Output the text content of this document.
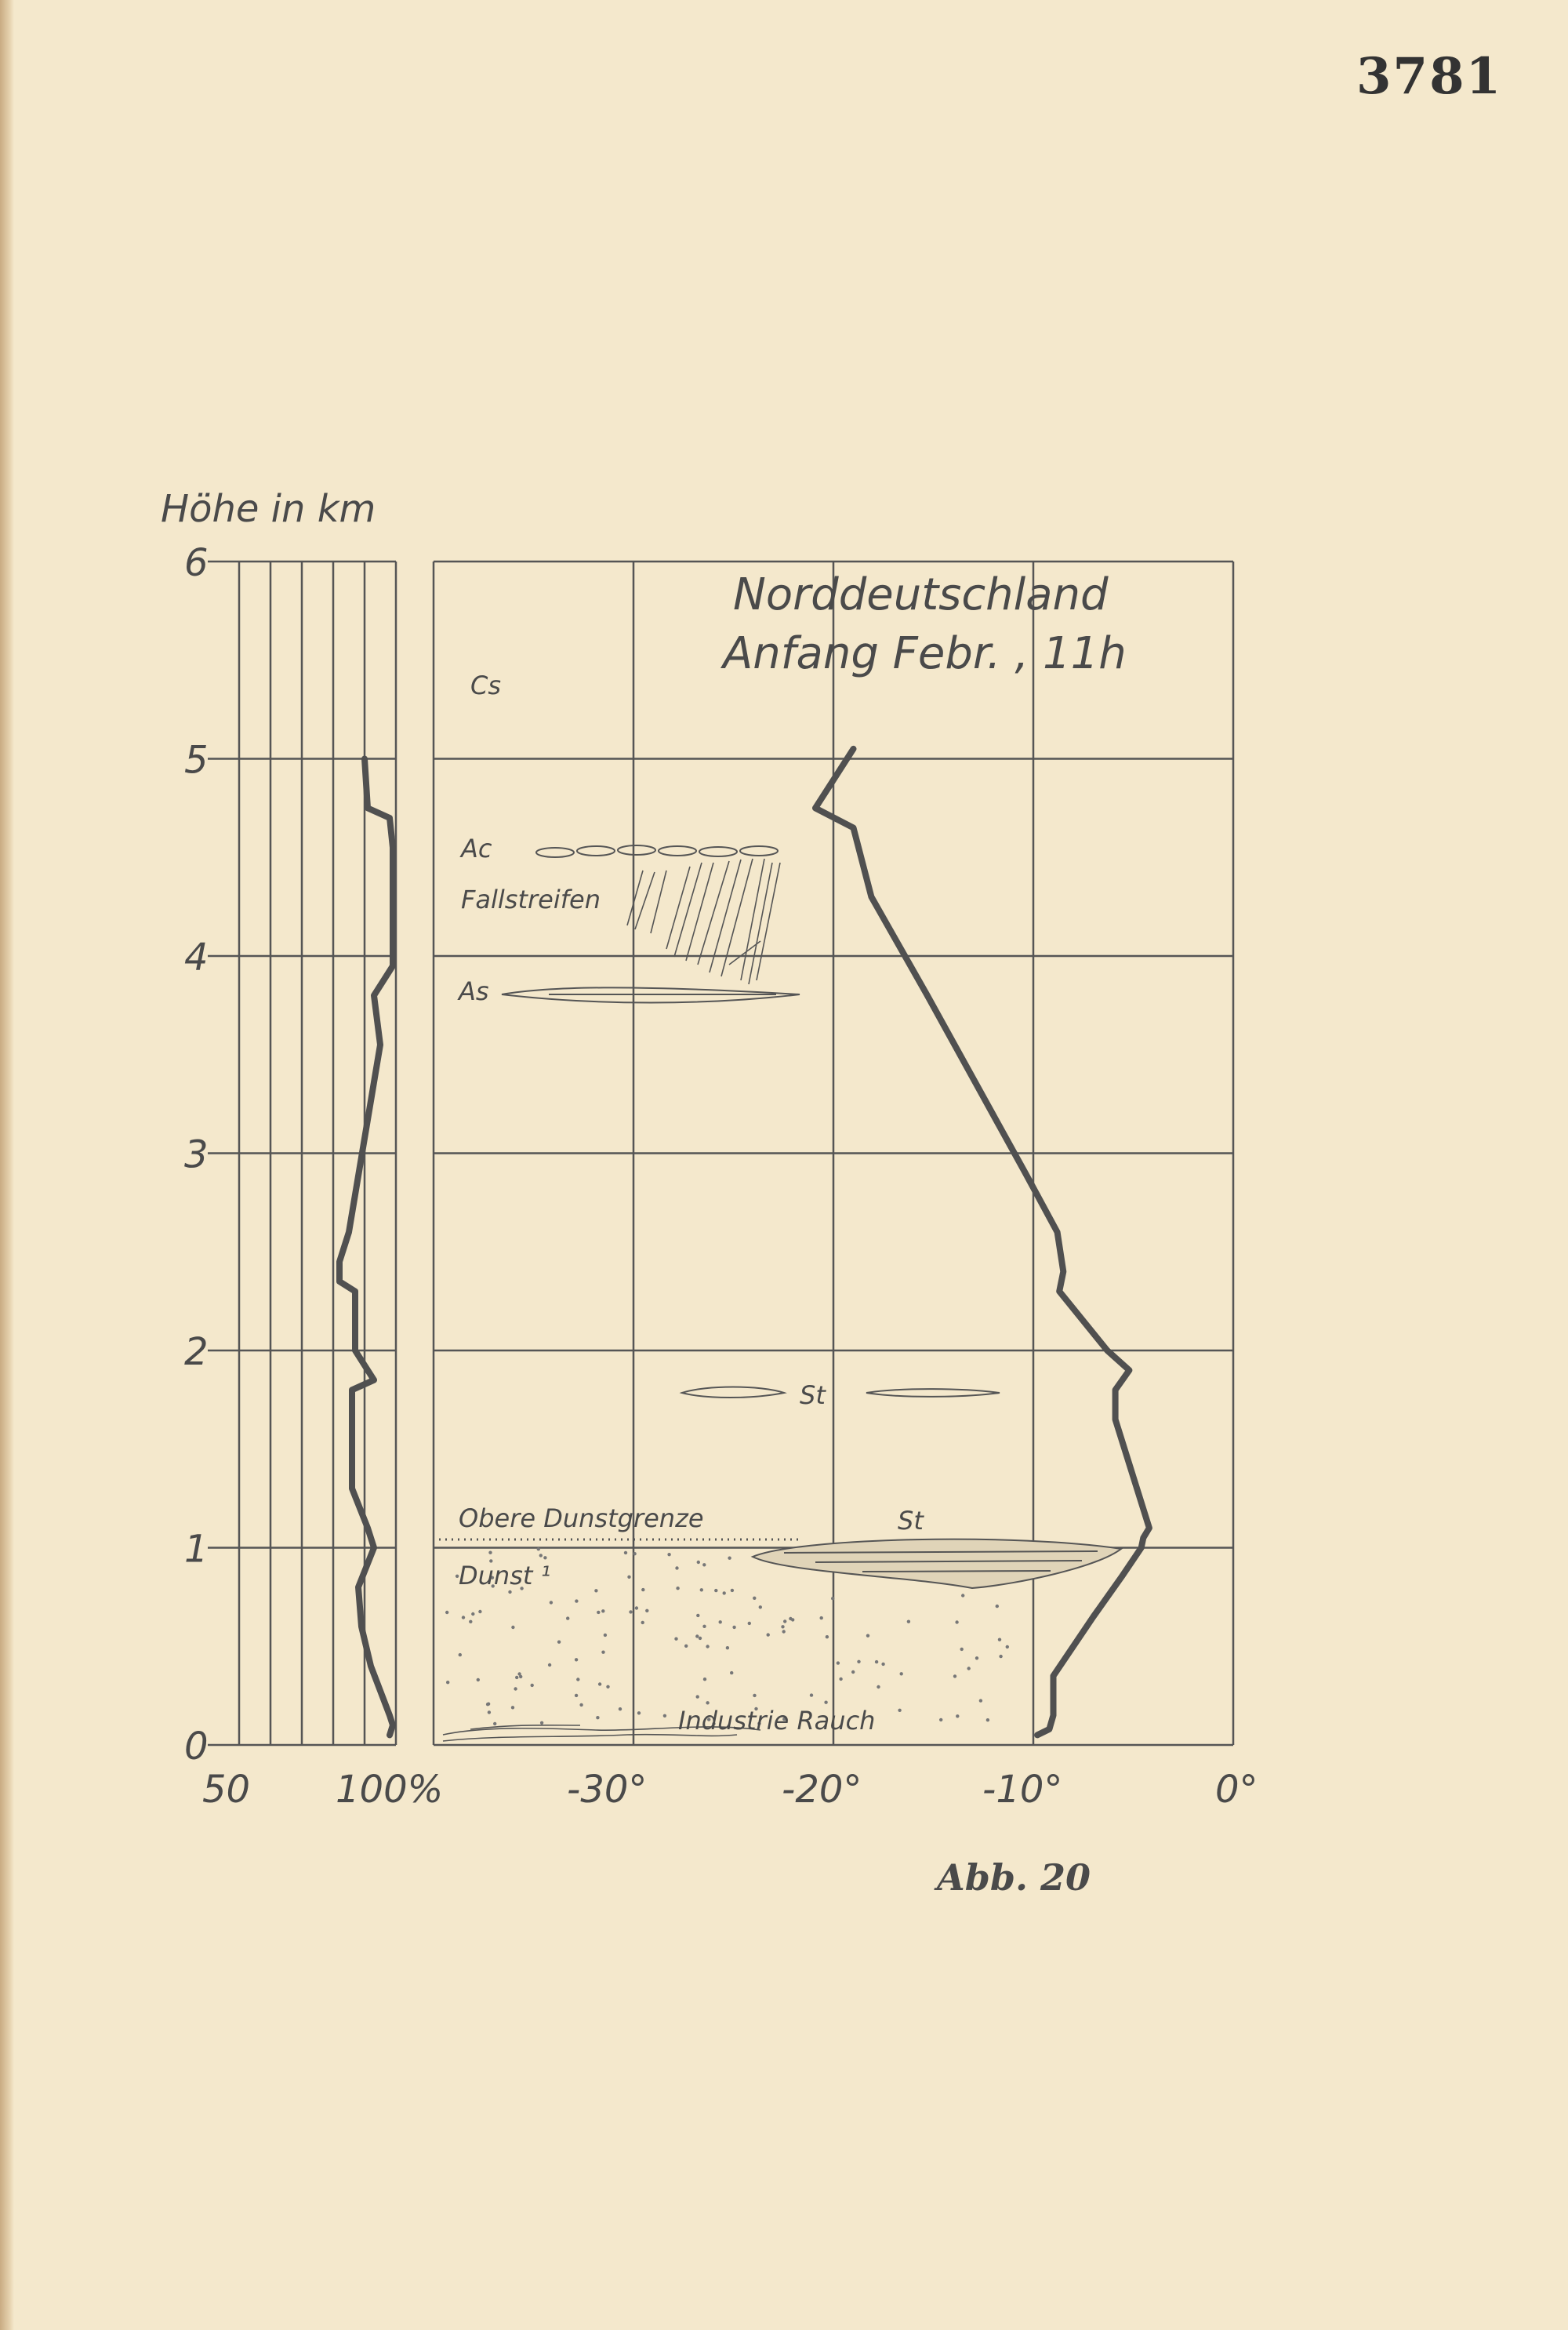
3781
Höhe in km
0
1
2
3
4
5
6
50 100%
Norddeutschland
Anfang Febr. , 11h
-30°	-20°	-10°	0°
Cs
Ac
Fallstreifen
As
St
St
Obere Dunstgrenze
Dunst ¹
Industrie Rauch
Abb. 20
